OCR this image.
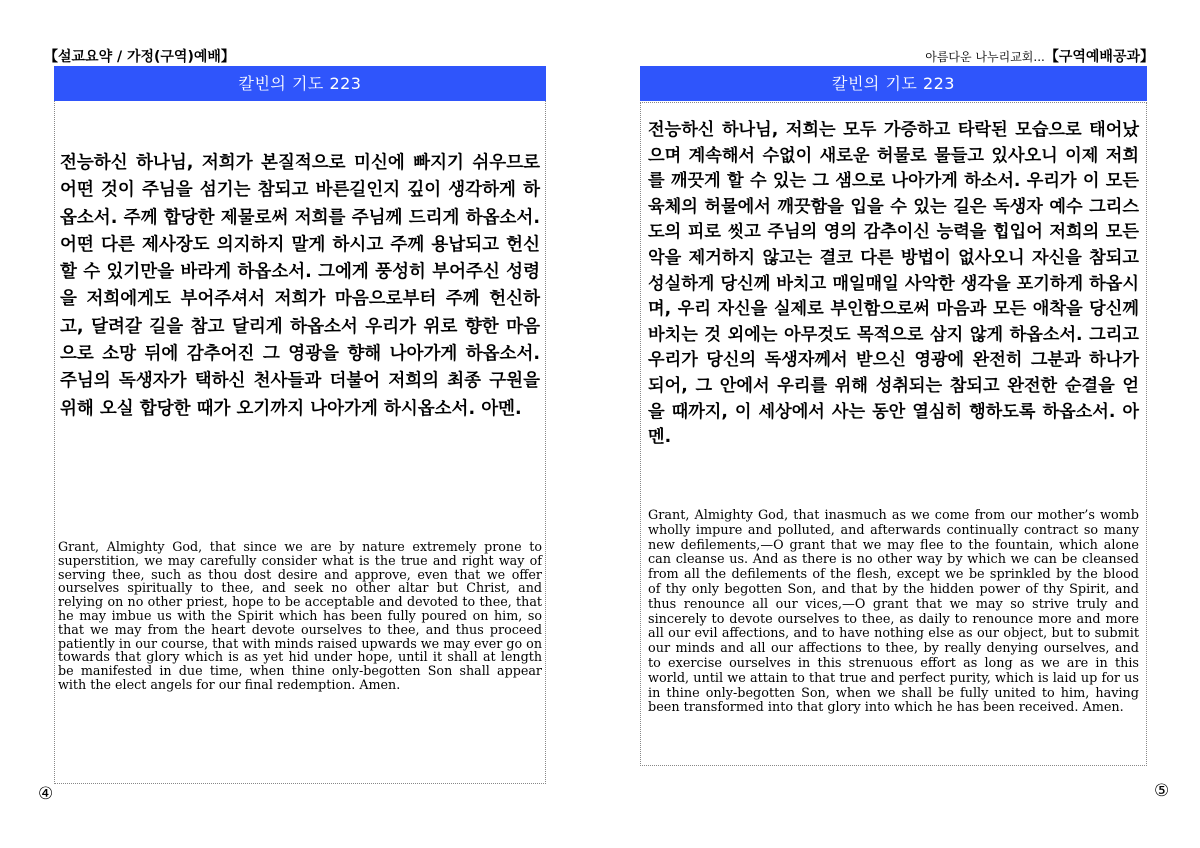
【설교요약 / 가정(구역)예배】	아름다운 나누리교회...【구역예배공과】
칼빈의 기도 223

전능하신 하나님, 저희가 본질적으로 미신에 빠지기 쉬우므로 어떤 것이 주님을 섬기는 참되고 바른길인지 깊이 생각하게 하옵소서. 주께 합당한 제물로써 저희를 주님께 드리게 하옵소서. 어떤 다른 제사장도 의지하지 말게 하시고 주께 용납되고 헌신할 수 있기만을 바라게 하옵소서. 그에게 풍성히 부어주신 성령을 저희에게도 부어주셔서 저희가 마음으로부터 주께 헌신하고, 달려갈 길을 참고 달리게 하옵소서 우리가 위로 향한 마음으로 소망 뒤에 감추어진 그 영광을 향해 나아가게 하옵소서. 주님의 독생자가 택하신 천사들과 더불어 저희의 최종 구원을 위해 오실 합당한 때가 오기까지 나아가게 하시옵소서. 아멘.

Grant, Almighty God, that since we are by nature extremely prone to superstition, we may carefully consider what is the true and right way of serving thee, such as thou dost desire and approve, even that we offer ourselves spiritually to thee, and seek no other altar but Christ, and relying on no other priest, hope to be acceptable and devoted to thee, that he may imbue us with the Spirit which has been fully poured on him, so that we may from the heart devote ourselves to thee, and thus proceed patiently in our course, that with minds raised upwards we may ever go on towards that glory which is as yet hid under hope, until it shall at length be manifested in due time, when thine only-begotten Son shall appear with the elect angels for our final redemption. Amen.

④
칼빈의 기도 223

전능하신 하나님, 저희는 모두 가증하고 타락된 모습으로 태어났으며 계속해서 수없이 새로운 허물로 물들고 있사오니 이제 저희를 깨끗게 할 수 있는 그 샘으로 나아가게 하소서. 우리가 이 모든 육체의 허물에서 깨끗함을 입을 수 있는 길은 독생자 예수 그리스도의 피로 씻고 주님의 영의 감추이신 능력을 힙입어 저희의 모든 악을 제거하지 않고는 결코 다른 방법이 없사오니 자신을 참되고 성실하게 당신께 바치고 매일매일 사악한 생각을 포기하게 하옵시며, 우리 자신을 실제로 부인함으로써 마음과 모든 애착을 당신께 바치는 것 외에는 아무것도 목적으로 삼지 않게 하옵소서. 그리고 우리가 당신의 독생자께서 받으신 영광에 완전히 그분과 하나가 되어, 그 안에서 우리를 위해 성취되는 참되고 완전한 순결을 얻을 때까지, 이 세상에서 사는 동안 열심히 행하도록 하옵소서. 아멘.

Grant, Almighty God, that inasmuch as we come from our mother’s womb wholly impure and polluted, and afterwards continually contract so many new defilements,—O grant that we may flee to the fountain, which alone can cleanse us. And as there is no other way by which we can be cleansed from all the defilements of the flesh, except we be sprinkled by the blood of thy only begotten Son, and that by the hidden power of thy Spirit, and thus renounce all our vices,—O grant that we may so strive truly and sincerely to devote ourselves to thee, as daily to renounce more and more all our evil affections, and to have nothing else as our object, but to submit our minds and all our affections to thee, by really denying ourselves, and to exercise ourselves in this strenuous effort as long as we are in this world, until we attain to that true and perfect purity, which is laid up for us in thine only-begotten Son, when we shall be fully united to him, having been transformed into that glory into which he has been received. Amen.

⑤
